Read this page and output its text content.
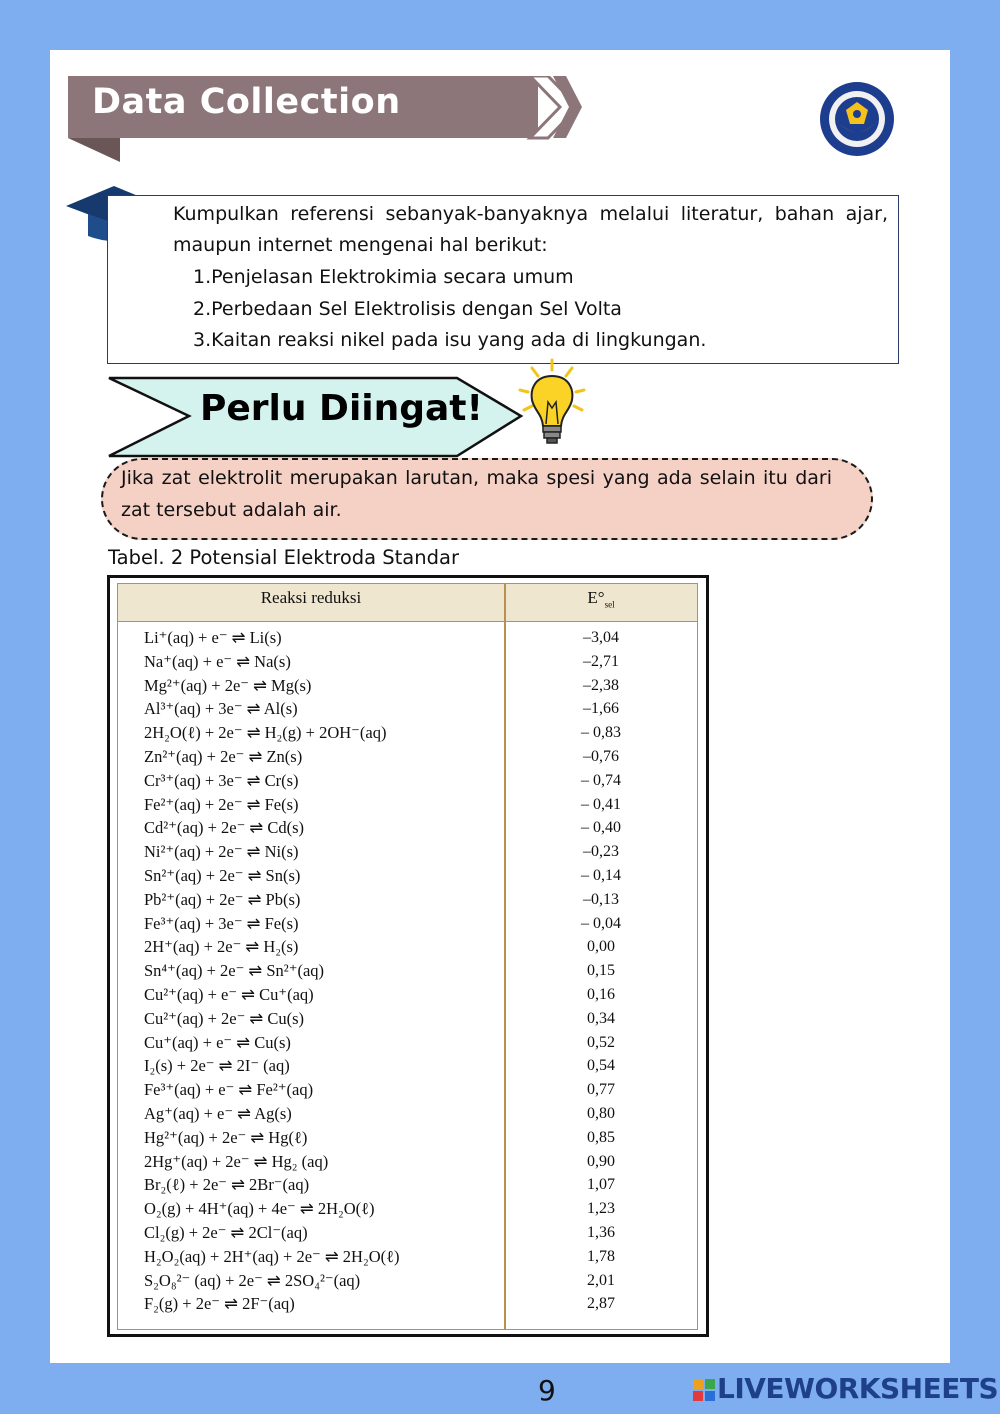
Data Collection
Kumpulkan referensi sebanyak-banyaknya melalui literatur, bahan ajar, maupun internet mengenai hal berikut:
1.Penjelasan Elektrokimia secara umum
2.Perbedaan Sel Elektrolisis dengan Sel Volta
3.Kaitan reaksi nikel pada isu yang ada di lingkungan.
Perlu Diingat!
Jika zat elektrolit merupakan larutan, maka spesi yang ada selain itu dari zat tersebut adalah air.
Tabel. 2 Potensial Elektroda Standar
Reaksi reduksi	$E^\circ_{sel}$
Li⁺(aq) + e⁻ ⇌ Li(s)	–3,04
Na⁺(aq) + e⁻ ⇌ Na(s)	–2,71
Mg²⁺(aq) + 2e⁻ ⇌ Mg(s)	–2,38
Al³⁺(aq) + 3e⁻ ⇌ Al(s)	–1,66
2H₂O(ℓ) + 2e⁻ ⇌ H₂(g) + 2OH⁻(aq)	– 0,83
Zn²⁺(aq) + 2e⁻ ⇌ Zn(s)	–0,76
Cr³⁺(aq) + 3e⁻ ⇌ Cr(s)	– 0,74
Fe²⁺(aq) + 2e⁻ ⇌ Fe(s)	– 0,41
Cd²⁺(aq) + 2e⁻ ⇌ Cd(s)	– 0,40
Ni²⁺(aq) + 2e⁻ ⇌ Ni(s)	–0,23
Sn²⁺(aq) + 2e⁻ ⇌ Sn(s)	– 0,14
Pb²⁺(aq) + 2e⁻ ⇌ Pb(s)	–0,13
Fe³⁺(aq) + 3e⁻ ⇌ Fe(s)	– 0,04
2H⁺(aq) + 2e⁻ ⇌ H₂(s)	0,00
Sn⁴⁺(aq) + 2e⁻ ⇌ Sn²⁺(aq)	0,15
Cu²⁺(aq) + e⁻ ⇌ Cu⁺(aq)	0,16
Cu²⁺(aq) + 2e⁻ ⇌ Cu(s)	0,34
Cu⁺(aq) + e⁻ ⇌ Cu(s)	0,52
I₂(s) + 2e⁻ ⇌ 2I⁻ (aq)	0,54
Fe³⁺(aq) + e⁻ ⇌ Fe²⁺(aq)	0,77
Ag⁺(aq) + e⁻ ⇌ Ag(s)	0,80
Hg²⁺(aq) + 2e⁻ ⇌ Hg(ℓ)	0,85
2Hg⁺(aq) + 2e⁻ ⇌ Hg₂ (aq)	0,90
Br₂(ℓ) + 2e⁻ ⇌ 2Br⁻(aq)	1,07
O₂(g) + 4H⁺(aq) + 4e⁻ ⇌ 2H₂O(ℓ)	1,23
Cl₂(g) + 2e⁻ ⇌ 2Cl⁻(aq)	1,36
H₂O₂(aq) + 2H⁺(aq) + 2e⁻ ⇌ 2H₂O(ℓ)	1,78
S₂O₈²⁻ (aq) + 2e⁻ ⇌ 2SO₄²⁻(aq)	2,01
F₂(g) + 2e⁻ ⇌ 2F⁻(aq)	2,87
9	LIVEWORKSHEETS
